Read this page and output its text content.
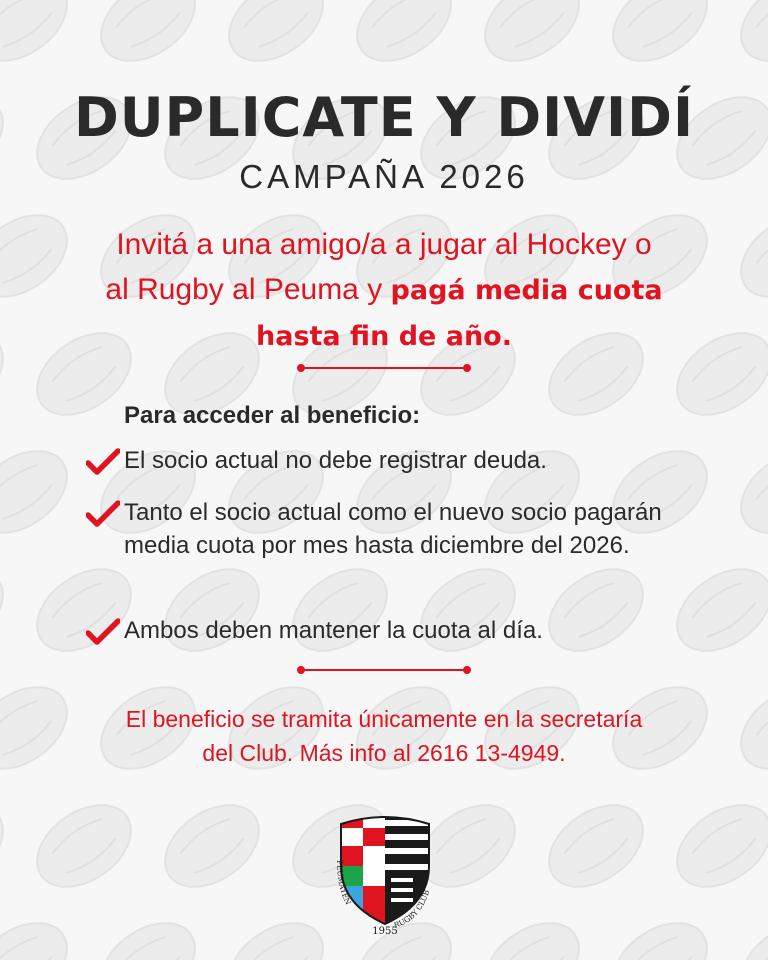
DUPLICATE Y DIVIDÍ
CAMPAÑA 2026
Invitá a una amigo/a a jugar al Hockey o
al Rugby al Peuma y pagá media cuota
hasta fin de año.
Para acceder al beneficio:
El socio actual no debe registrar deuda.
Tanto el socio actual como el nuevo socio pagarán media cuota por mes hasta diciembre del 2026.
Ambos deben mantener la cuota al día.
El beneficio se tramita únicamente en la secretaría
del Club. Más info al 2616 13-4949.
PEUMAYEN
RUGBY CLUB
1955
